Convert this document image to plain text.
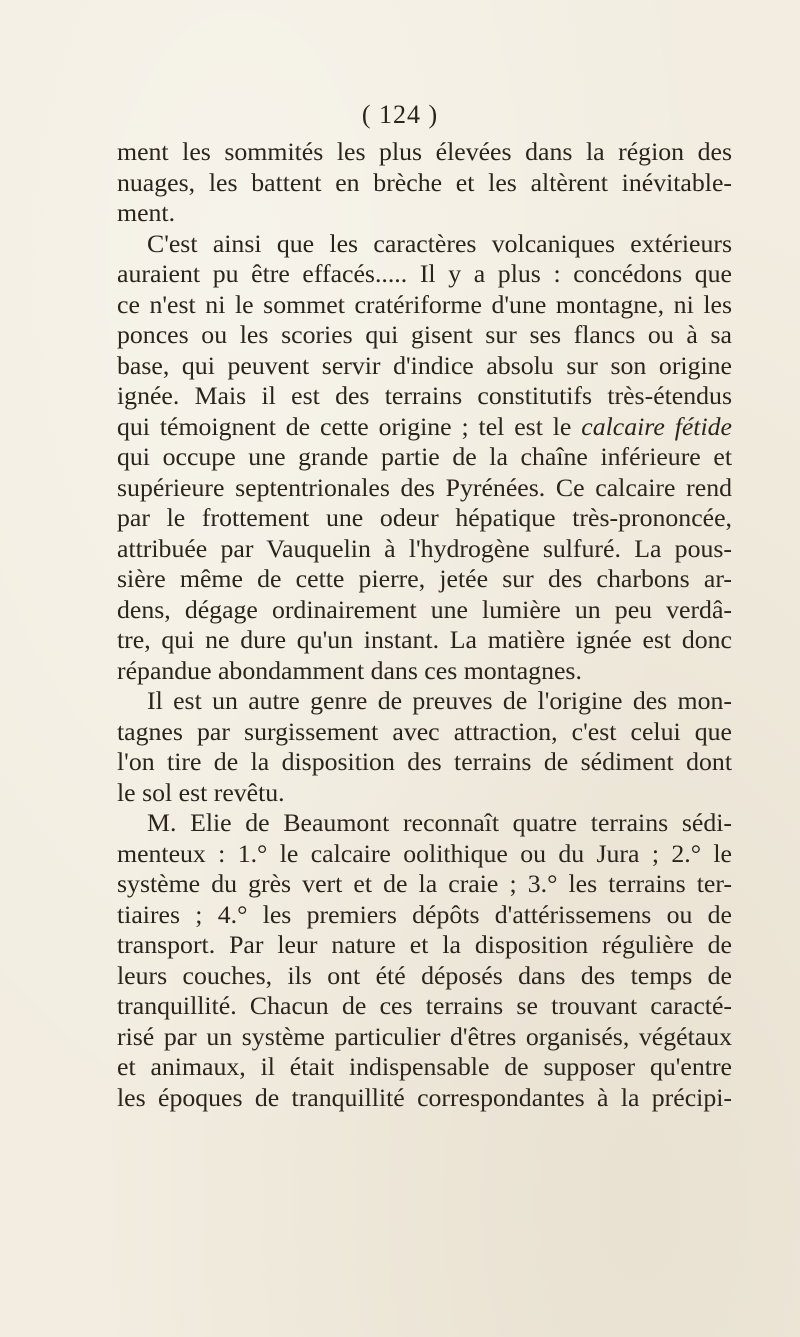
( 124 )
ment les sommités les plus élevées dans la région des
nuages, les battent en brèche et les altèrent inévitable-
ment.
C'est ainsi que les caractères volcaniques extérieurs
auraient pu être effacés..... Il y a plus : concédons que
ce n'est ni le sommet cratériforme d'une montagne, ni les
ponces ou les scories qui gisent sur ses flancs ou à sa
base, qui peuvent servir d'indice absolu sur son origine
ignée. Mais il est des terrains constitutifs très-étendus
qui témoignent de cette origine ; tel est le calcaire fétide
qui occupe une grande partie de la chaîne inférieure et
supérieure septentrionales des Pyrénées. Ce calcaire rend
par le frottement une odeur hépatique très-prononcée,
attribuée par Vauquelin à l'hydrogène sulfuré. La pous-
sière même de cette pierre, jetée sur des charbons ar-
dens, dégage ordinairement une lumière un peu verdâ-
tre, qui ne dure qu'un instant. La matière ignée est donc
répandue abondamment dans ces montagnes.
Il est un autre genre de preuves de l'origine des mon-
tagnes par surgissement avec attraction, c'est celui que
l'on tire de la disposition des terrains de sédiment dont
le sol est revêtu.
M. Elie de Beaumont reconnaît quatre terrains sédi-
menteux : 1.° le calcaire oolithique ou du Jura ; 2.° le
système du grès vert et de la craie ; 3.° les terrains ter-
tiaires ; 4.° les premiers dépôts d'attérissemens ou de
transport. Par leur nature et la disposition régulière de
leurs couches, ils ont été déposés dans des temps de
tranquillité. Chacun de ces terrains se trouvant caracté-
risé par un système particulier d'êtres organisés, végétaux
et animaux, il était indispensable de supposer qu'entre
les époques de tranquillité correspondantes à la précipi-
